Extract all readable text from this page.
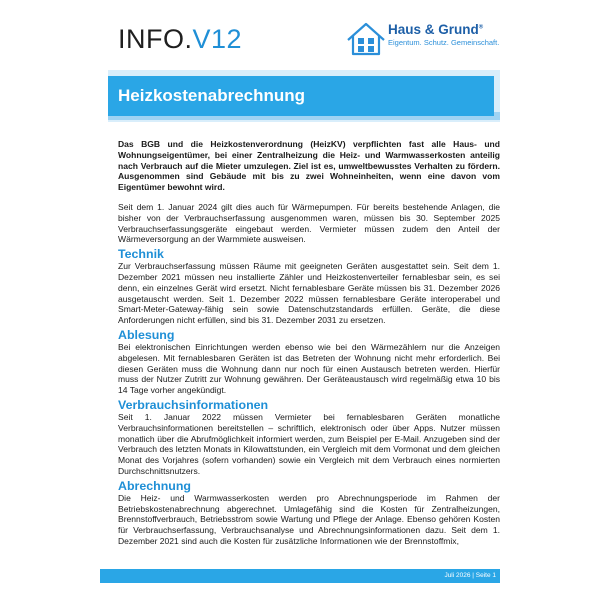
INFO.V12	Haus & Grund®
Eigentum. Schutz. Gemeinschaft.
Heizkostenabrechnung

Das BGB und die Heizkostenverordnung (HeizKV) verpflichten fast alle Haus- und Wohnungseigentümer, bei einer Zentralheizung die Heiz- und Warmwasserkosten anteilig nach Verbrauch auf die Mieter umzulegen. Ziel ist es, umweltbewusstes Verhalten zu fördern. Ausgenommen sind Gebäude mit bis zu zwei Wohneinheiten, wenn eine davon vom Eigentümer bewohnt wird.

Seit dem 1. Januar 2024 gilt dies auch für Wärmepumpen. Für bereits bestehende Anlagen, die bisher von der Verbrauchserfassung ausgenommen waren, müssen bis 30. September 2025 Verbrauchserfassungsgeräte eingebaut werden. Vermieter müssen zudem den Anteil der Wärmeversorgung an der Warmmiete ausweisen.

Technik

Zur Verbrauchserfassung müssen Räume mit geeigneten Geräten ausgestattet sein. Seit dem 1. Dezember 2021 müssen neu installierte Zähler und Heizkostenverteiler fernablesbar sein, es sei denn, ein einzelnes Gerät wird ersetzt. Nicht fernablesbare Geräte müssen bis 31. Dezember 2026 ausgetauscht werden. Seit 1. Dezember 2022 müssen fernablesbare Geräte interoperabel und Smart-Meter-Gateway-fähig sein sowie Datenschutzstandards erfüllen. Geräte, die diese Anforderungen nicht erfüllen, sind bis 31. Dezember 2031 zu ersetzen.

Ablesung

Bei elektronischen Einrichtungen werden ebenso wie bei den Wärmezählern nur die Anzeigen abgelesen. Mit fernablesbaren Geräten ist das Betreten der Wohnung nicht mehr erforderlich. Bei diesen Geräten muss die Wohnung dann nur noch für einen Austausch betreten werden. Hierfür muss der Nutzer Zutritt zur Wohnung gewähren. Der Geräteaustausch wird regelmäßig etwa 10 bis 14 Tage vorher angekündigt.

Verbrauchsinformationen

Seit 1. Januar 2022 müssen Vermieter bei fernablesbaren Geräten monatliche Verbrauchsinformationen bereitstellen – schriftlich, elektronisch oder über Apps. Nutzer müssen monatlich über die Abrufmöglichkeit informiert werden, zum Beispiel per E-Mail. Anzugeben sind der Verbrauch des letzten Monats in Kilowattstunden, ein Vergleich mit dem Vormonat und dem gleichen Monat des Vorjahres (sofern vorhanden) sowie ein Vergleich mit dem Verbrauch eines normierten Durchschnittsnutzers.

Abrechnung

Die Heiz- und Warmwasserkosten werden pro Abrechnungsperiode im Rahmen der Betriebskostenabrechnung abgerechnet. Umlagefähig sind die Kosten für Zentralheizungen, Brennstoffverbrauch, Betriebsstrom sowie Wartung und Pflege der Anlage. Ebenso gehören Kosten für Verbrauchserfassung, Verbrauchsanalyse und Abrechnungsinformationen dazu. Seit dem 1. Dezember 2021 sind auch die Kosten für zusätzliche Informationen wie der Brennstoffmix,

Juli 2026 | Seite 1
